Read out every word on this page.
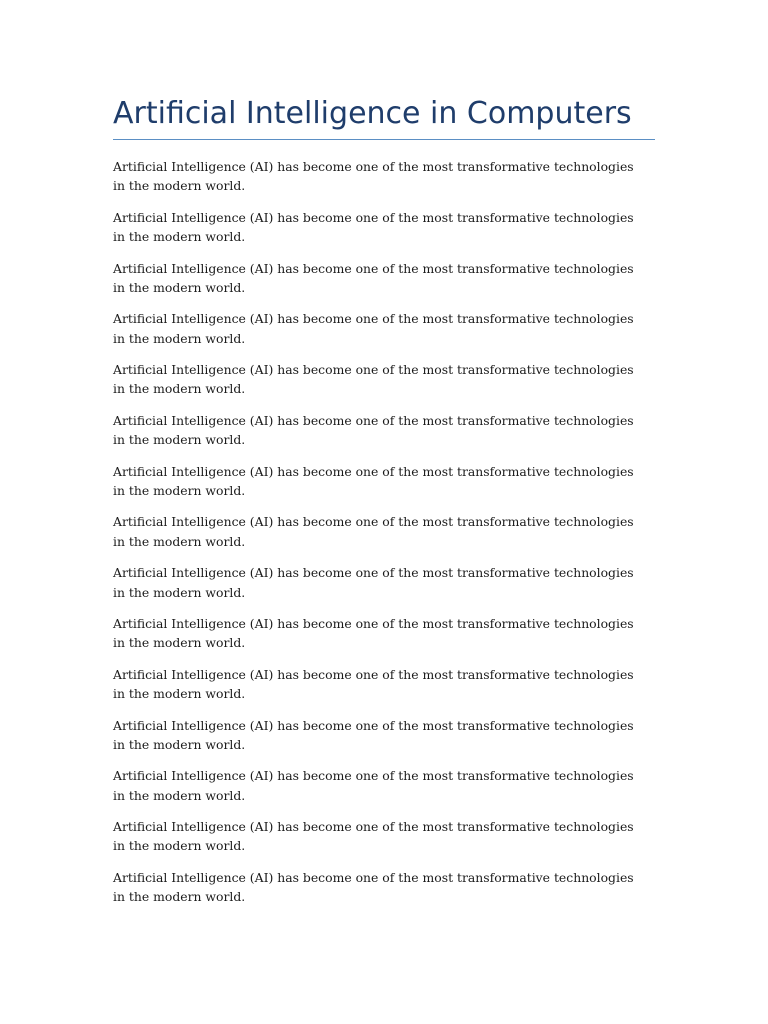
Artificial Intelligence in Computers

Artificial Intelligence (AI) has become one of the most transformative technologies in the modern world.

Artificial Intelligence (AI) has become one of the most transformative technologies in the modern world.

Artificial Intelligence (AI) has become one of the most transformative technologies in the modern world.

Artificial Intelligence (AI) has become one of the most transformative technologies in the modern world.

Artificial Intelligence (AI) has become one of the most transformative technologies in the modern world.

Artificial Intelligence (AI) has become one of the most transformative technologies in the modern world.

Artificial Intelligence (AI) has become one of the most transformative technologies in the modern world.

Artificial Intelligence (AI) has become one of the most transformative technologies in the modern world.

Artificial Intelligence (AI) has become one of the most transformative technologies in the modern world.

Artificial Intelligence (AI) has become one of the most transformative technologies in the modern world.

Artificial Intelligence (AI) has become one of the most transformative technologies in the modern world.

Artificial Intelligence (AI) has become one of the most transformative technologies in the modern world.

Artificial Intelligence (AI) has become one of the most transformative technologies in the modern world.

Artificial Intelligence (AI) has become one of the most transformative technologies in the modern world.

Artificial Intelligence (AI) has become one of the most transformative technologies in the modern world.
